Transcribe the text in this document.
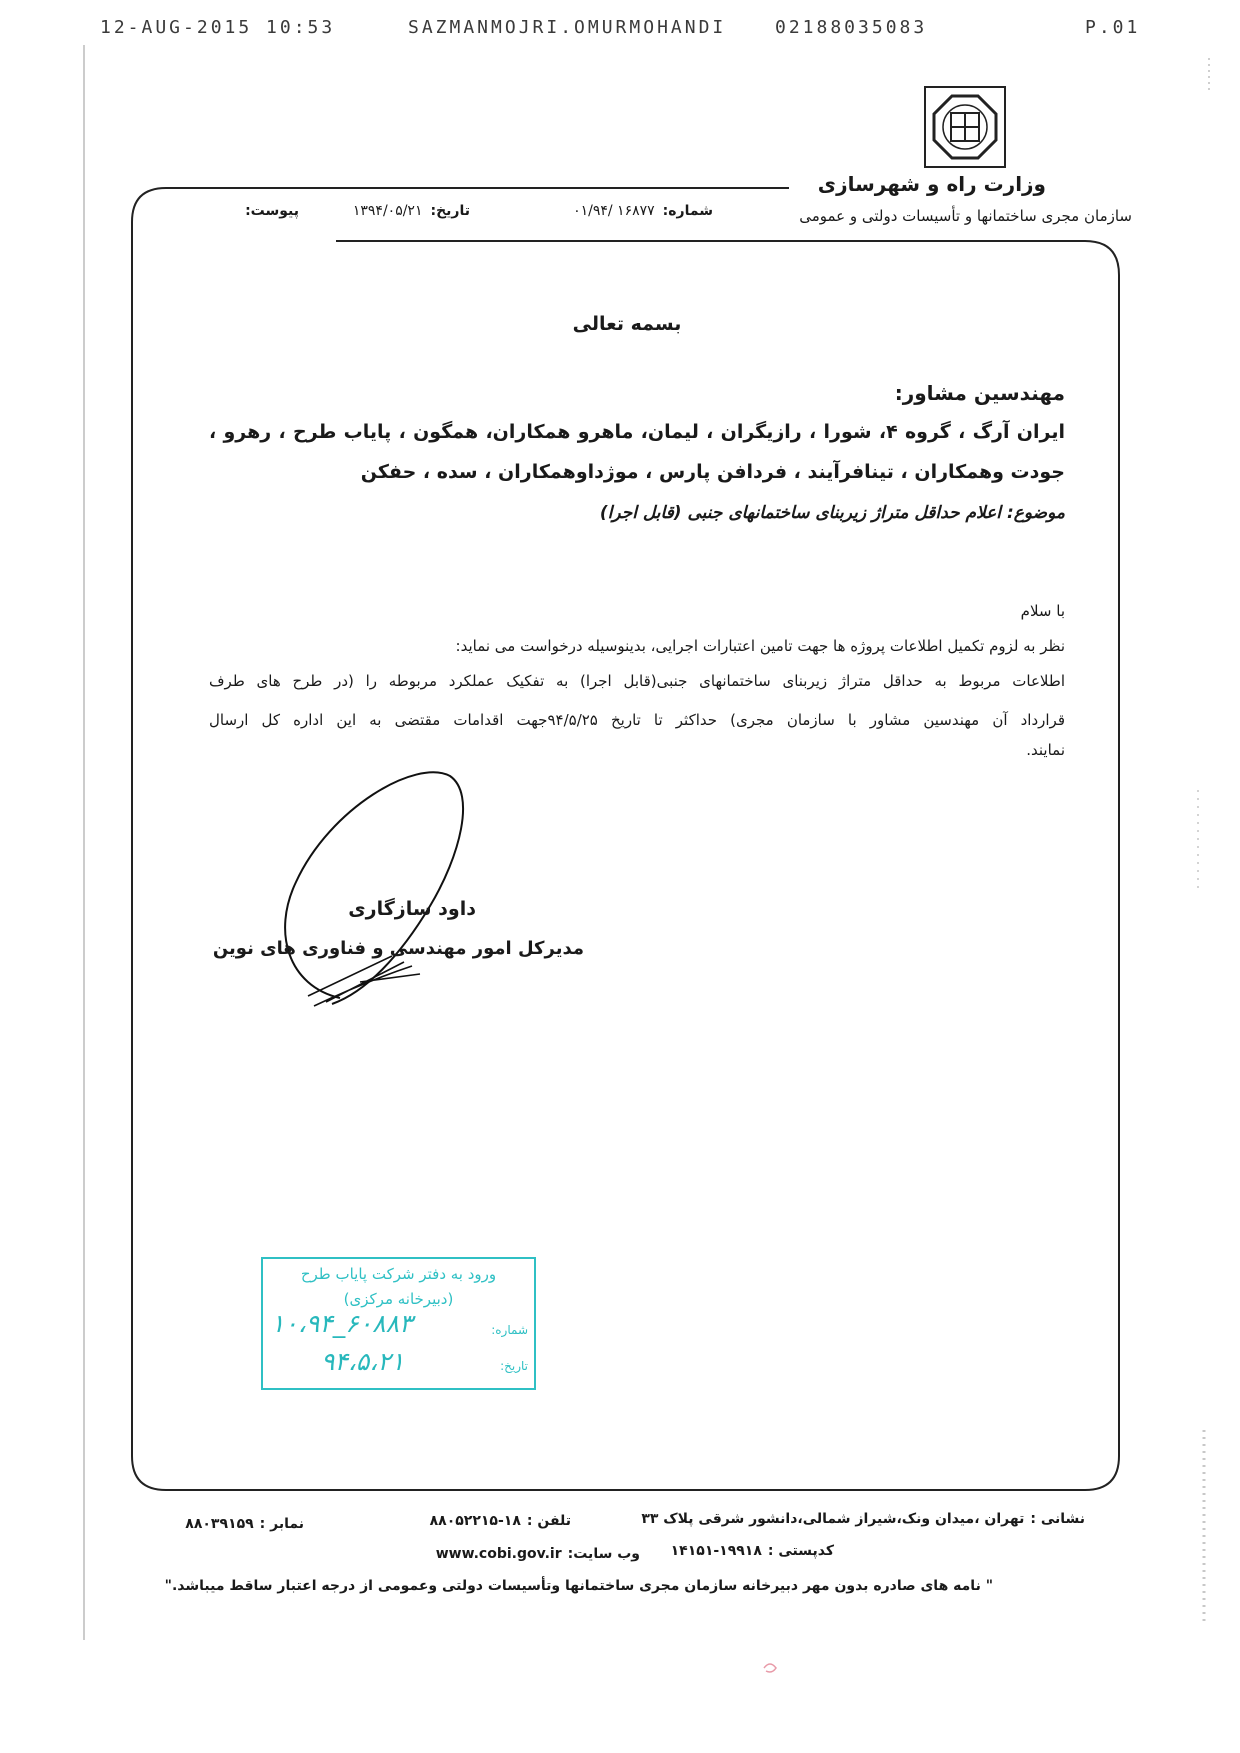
12-AUG-2015 10:53	SAZMANMOJRI.OMURMOHANDI	02188035083	P.01
وزارت راه و شهرسازی
سازمان مجری ساختمانها و تأسیسات دولتی و عمومی
شماره:
۰۱/۹۴/ ۱۶۸۷۷
تاریخ:
۱۳۹۴/۰۵/۲۱
پیوست:
بسمه تعالی
مهندسین مشاور:
ایران آرگ ، گروه ۴، شورا ، رازیگران ، لیمان، ماهرو همکاران، همگون ، پایاب طرح ، رهرو ،
جودت وهمکاران ، تینافرآیند ، فردافن پارس ، موژداوهمکاران ، سده ، حفکن
موضوع: اعلام حداقل متراژ زیربنای ساختمانهای جنبی (قابل اجرا)
با سلام
نظر به لزوم تکمیل اطلاعات پروژه ها جهت تامین اعتبارات اجرایی، بدینوسیله درخواست می نماید:
اطلاعات مربوط به حداقل متراژ زیربنای ساختمانهای جنبی(قابل اجرا) به تفکیک عملکرد مربوطه را (در طرح های طرف
قرارداد آن مهندسین مشاور با سازمان مجری) حداکثر تا تاریخ ۹۴/۵/۲۵جهت اقدامات مقتضی به این اداره کل ارسال
نمایند.
داود سازگاری
مدیرکل امور مهندسی و فناوری های نوین
ورود به دفتر شرکت پایاب طرح
(دبیرخانه مرکزی)
شماره:
۱۰،۹۴_۶۰۸۸۳
تاریخ:
۹۴،۵،۲۱
نشانی :
تهران ،میدان ونک،شیراز شمالی،دانشور شرقی پلاک ۳۳
تلفن :
۸۸۰۵۲۲۱۵-۱۸
نمابر :
۸۸۰۳۹۱۵۹
کدپستی :
۱۴۱۵۱-۱۹۹۱۸
وب سایت:
www.cobi.gov.ir
" نامه های صادره بدون مهر دبیرخانه سازمان مجری ساختمانها وتأسیسات دولتی وعمومی از درجه اعتبار ساقط میباشد."
